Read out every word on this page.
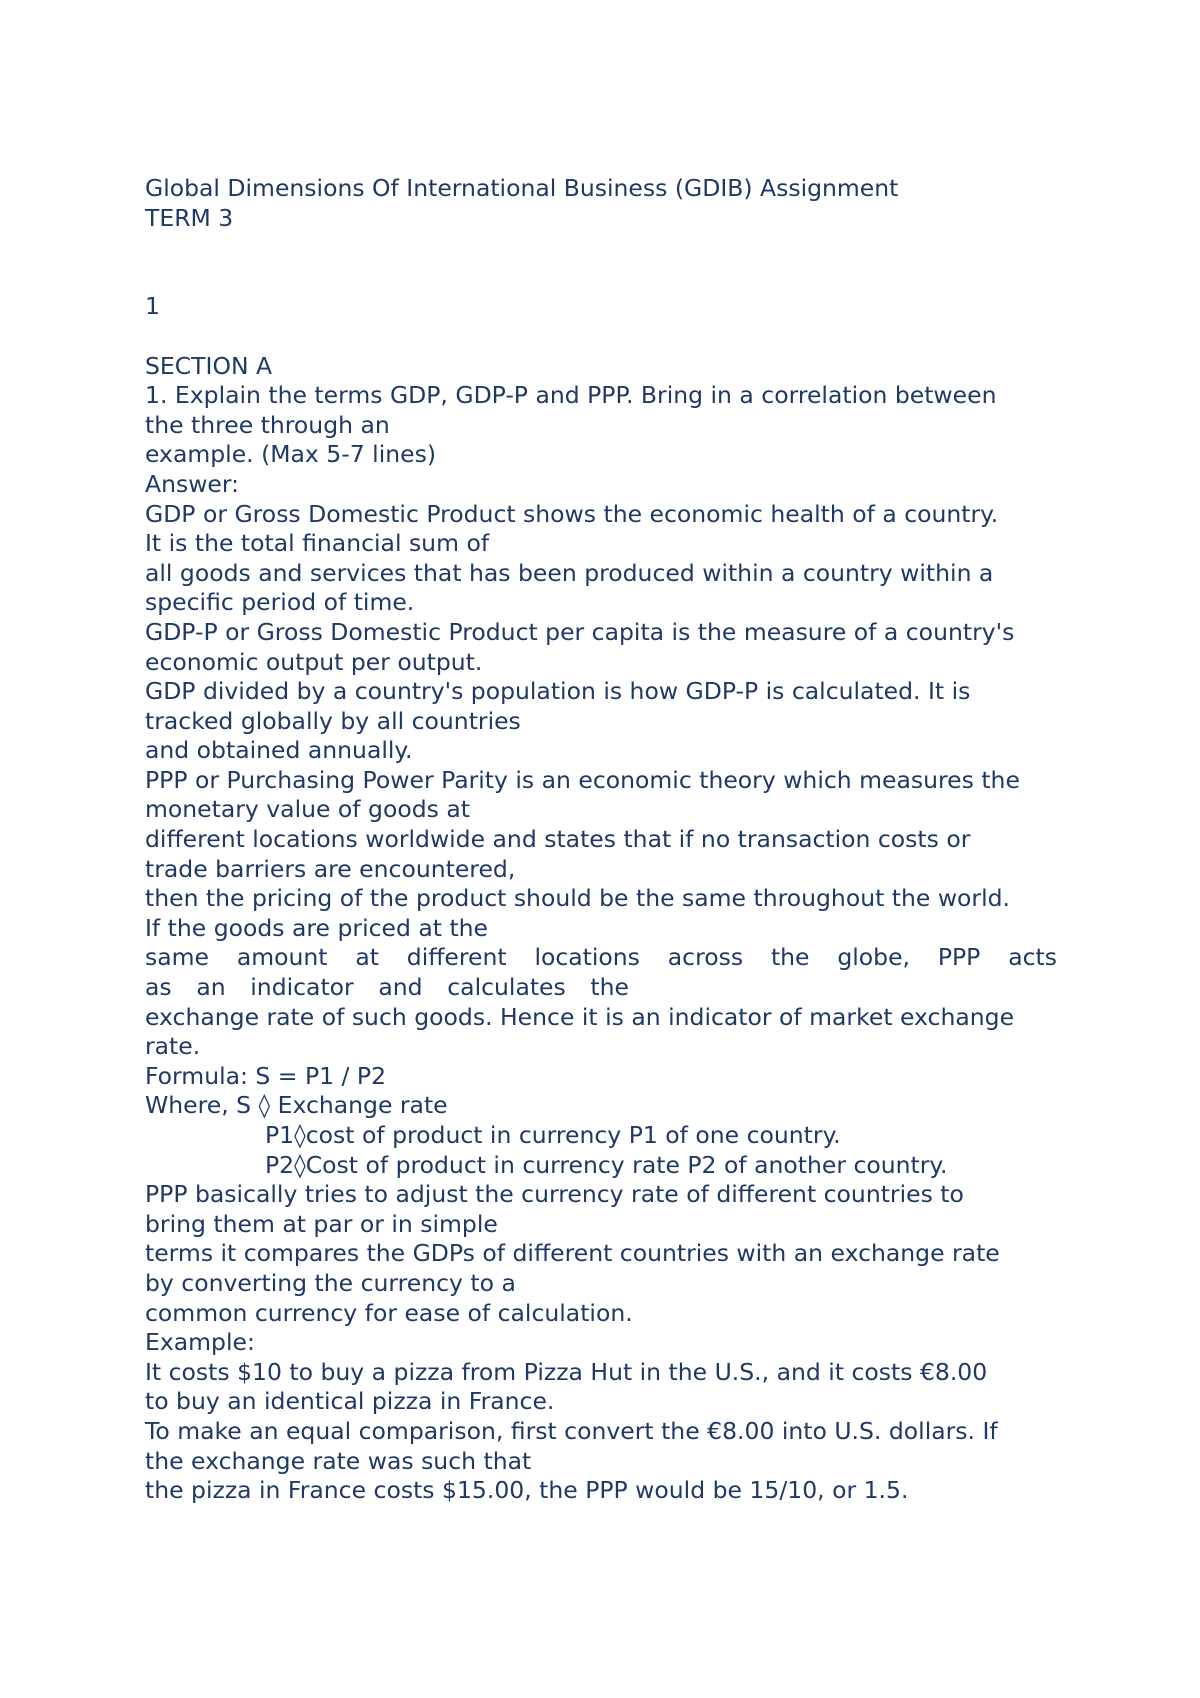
Global Dimensions Of International Business (GDIB) Assignment
TERM 3
1
SECTION A
1. Explain the terms GDP, GDP-P and PPP. Bring in a correlation between
the three through an
example. (Max 5-7 lines)
Answer:
GDP or Gross Domestic Product shows the economic health of a country.
It is the total financial sum of
all goods and services that has been produced within a country within a
specific period of time.
GDP-P or Gross Domestic Product per capita is the measure of a country's
economic output per output.
GDP divided by a country's population is how GDP-P is calculated. It is
tracked globally by all countries
and obtained annually.
PPP or Purchasing Power Parity is an economic theory which measures the
monetary value of goods at
different locations worldwide and states that if no transaction costs or
trade barriers are encountered,
then the pricing of the product should be the same throughout the world.
If the goods are priced at the
same amount at different locations across the globe, PPP acts
as an indicator and calculates the
exchange rate of such goods. Hence it is an indicator of market exchange
rate.
Formula: S = P1 / P2
Where, S ◊ Exchange rate
P1◊cost of product in currency P1 of one country.
P2◊Cost of product in currency rate P2 of another country.
PPP basically tries to adjust the currency rate of different countries to
bring them at par or in simple
terms it compares the GDPs of different countries with an exchange rate
by converting the currency to a
common currency for ease of calculation.
Example:
It costs $10 to buy a pizza from Pizza Hut in the U.S., and it costs €8.00
to buy an identical pizza in France.
To make an equal comparison, first convert the €8.00 into U.S. dollars. If
the exchange rate was such that
the pizza in France costs $15.00, the PPP would be 15/10, or 1.5.
